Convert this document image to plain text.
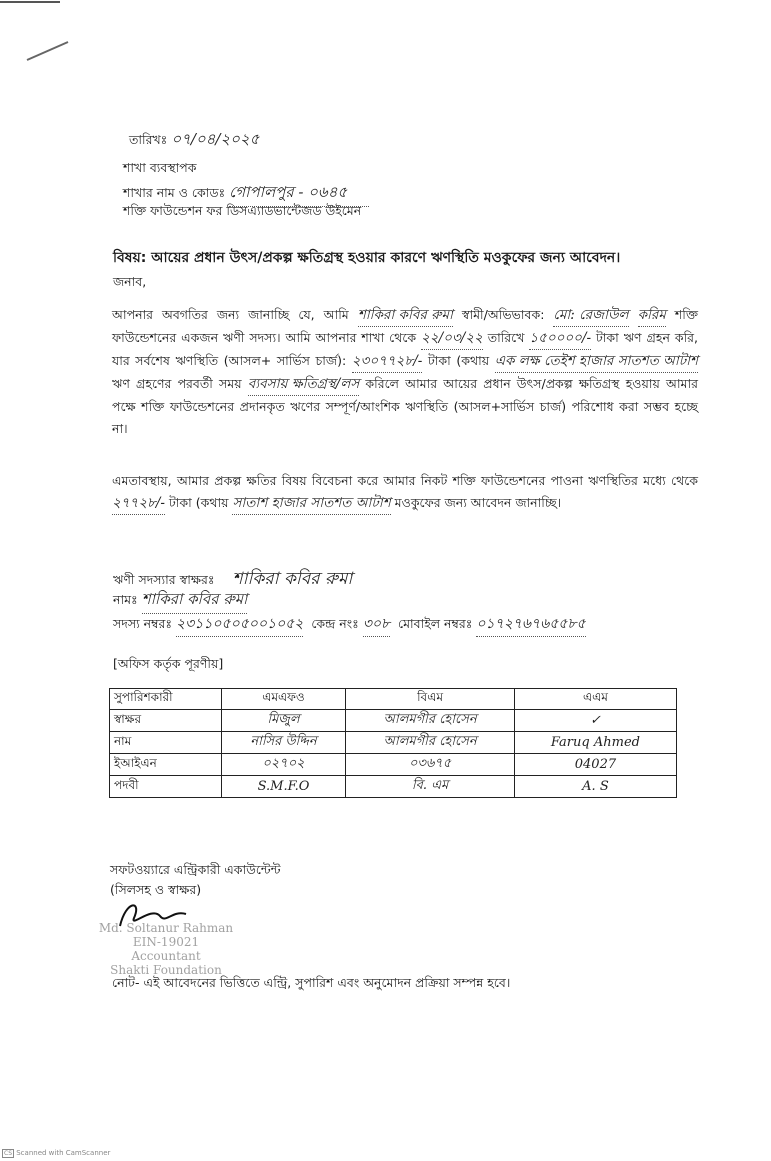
তারিখঃ ০৭/০৪/২০২৫
শাখা ব্যবস্থাপক
শাখার নাম ও কোডঃ গোপালপুর - ০৬৪৫
শক্তি ফাউন্ডেশন ফর ডিসএ্যাডভান্টেজড উইমেন
বিষয়: আয়ের প্রধান উৎস/প্রকল্প ক্ষতিগ্রস্থ হওয়ার কারণে ঋণস্থিতি মওকুফের জন্য আবেদন।
জনাব,
আপনার অবগতির জন্য জানাচ্ছি যে, আমি শাকিরা কবির রুমা স্বামী/অভিভাবক: মো: রেজাউল করিম শক্তি ফাউন্ডেশনের একজন ঋণী সদস্য। আমি আপনার শাখা থেকে ২২/০৩/২২ তারিখে ১৫০০০০/- টাকা ঋণ গ্রহন করি, যার সর্বশেষ ঋণস্থিতি (আসল+ সার্ভিস চার্জ): ২৩০৭৭২৮/- টাকা (কথায় এক লক্ষ তেইশ হাজার সাতশত আটাশ ঋণ গ্রহণের পরবর্তী সময় ব্যবসায় ক্ষতিগ্রস্থ/লস করিলে আমার আয়ের প্রধান উৎস/প্রকল্প ক্ষতিগ্রস্থ হওয়ায় আমার পক্ষে শক্তি ফাউন্ডেশনের প্রদানকৃত ঋণের সম্পূর্ণ/আংশিক ঋণস্থিতি (আসল+সার্ভিস চার্জ) পরিশোধ করা সম্ভব হচ্ছে না।
এমতাবস্থায়, আমার প্রকল্প ক্ষতির বিষয় বিবেচনা করে আমার নিকট শক্তি ফাউন্ডেশনের পাওনা ঋণস্থিতির মধ্যে থেকে ২৭৭২৮/- টাকা (কথায় সাতাশ হাজার সাতশত আটাশ মওকুফের জন্য আবেদন জানাচ্ছি।
ঋণী সদস্যার স্বাক্ষরঃ শাকিরা কবির রুমা
নামঃ শাকিরা কবির রুমা
সদস্য নম্বরঃ ২৩১১০৫০৫০০১০৫২ কেন্দ্র নংঃ ৩০৮ মোবাইল নম্বরঃ ০১৭২৭৬৭৬৫৫৮৫
[অফিস কর্তৃক পূরণীয়]
সুপারিশকারী	এমএফও	বিএম	এএম
স্বাক্ষর	মিজুল	আলমগীর হোসেন	✓
নাম	নাসির উদ্দিন	আলমগীর হোসেন	Faruq Ahmed
ইআইএন	০২৭০২	০৩৬৭৫	04027
পদবী	S.M.F.O	বি. এম	A. S
সফটওয়্যারে এন্ট্রিকারী একাউন্টেন্ট
(সিলসহ ও স্বাক্ষর)
Md. Soltanur Rahman
EIN-19021
Accountant
Shakti Foundation
নোট- এই আবেদনের ভিত্তিতে এন্ট্রি, সুপারিশ এবং অনুমোদন প্রক্রিয়া সম্পন্ন হবে।
CS Scanned with CamScanner
